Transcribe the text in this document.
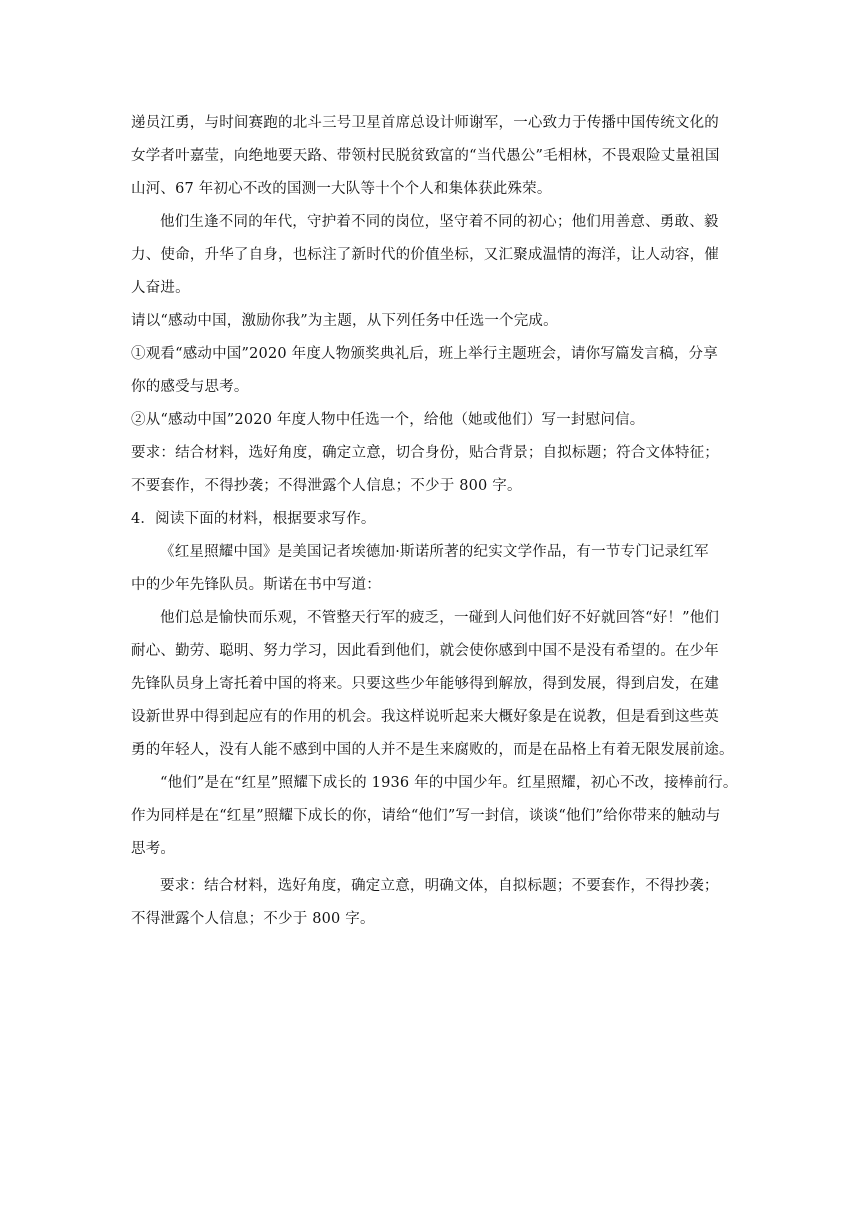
递员江勇，与时间赛跑的北斗三号卫星首席总设计师谢军，一心致力于传播中国传统文化的
女学者叶嘉莹，向绝地要天路、带领村民脱贫致富的“当代愚公”毛相林，不畏艰险丈量祖国
山河、67 年初心不改的国测一大队等十个个人和集体获此殊荣。
他们生逢不同的年代，守护着不同的岗位，坚守着不同的初心；他们用善意、勇敢、毅
力、使命，升华了自身，也标注了新时代的价值坐标，又汇聚成温情的海洋，让人动容，催
人奋进。
请以“感动中国，激励你我”为主题，从下列任务中任选一个完成。
①观看“感动中国”2020 年度人物颁奖典礼后，班上举行主题班会，请你写篇发言稿，分享
你的感受与思考。
②从“感动中国”2020 年度人物中任选一个，给他（她或他们）写一封慰问信。
要求：结合材料，选好角度，确定立意，切合身份，贴合背景；自拟标题；符合文体特征；
不要套作，不得抄袭；不得泄露个人信息；不少于 800 字。
4．阅读下面的材料，根据要求写作。
《红星照耀中国》是美国记者埃德加·斯诺所著的纪实文学作品，有一节专门记录红军
中的少年先锋队员。斯诺在书中写道：
他们总是愉快而乐观，不管整天行军的疲乏，一碰到人问他们好不好就回答“好！”他们
耐心、勤劳、聪明、努力学习，因此看到他们，就会使你感到中国不是没有希望的。在少年
先锋队员身上寄托着中国的将来。只要这些少年能够得到解放，得到发展，得到启发，在建
设新世界中得到起应有的作用的机会。我这样说听起来大概好象是在说教，但是看到这些英
勇的年轻人，没有人能不感到中国的人并不是生来腐败的，而是在品格上有着无限发展前途。
“他们”是在“红星”照耀下成长的 1936 年的中国少年。红星照耀，初心不改，接棒前行。
作为同样是在“红星”照耀下成长的你，请给“他们”写一封信，谈谈“他们”给你带来的触动与
思考。
要求：结合材料，选好角度，确定立意，明确文体，自拟标题；不要套作，不得抄袭；
不得泄露个人信息；不少于 800 字。
